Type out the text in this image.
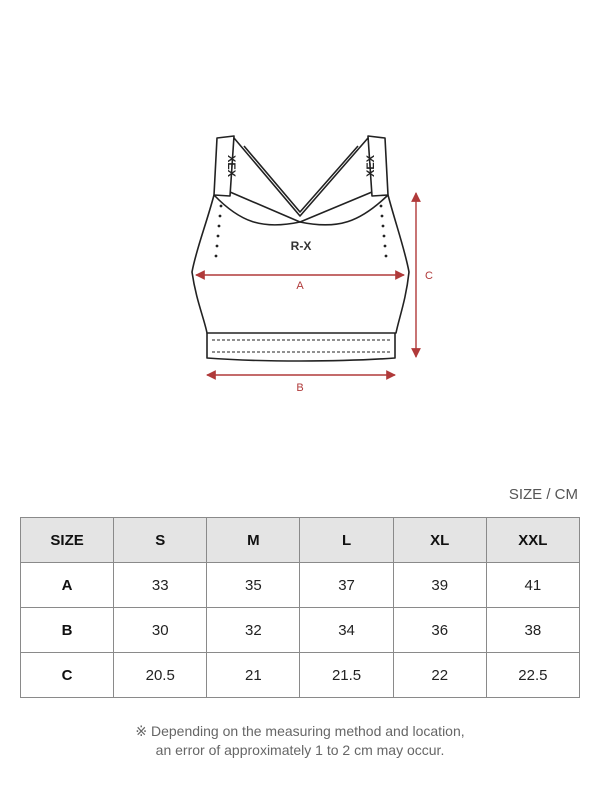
XEX	XEX
R-X
A
B
C
SIZE / CM
SIZE	S	M	L	XL	XXL
A	33	35	37	39	41
B	30	32	34	36	38
C	20.5	21	21.5	22	22.5
※ Depending on the measuring method and location,
an error of approximately 1 to 2 cm may occur.
